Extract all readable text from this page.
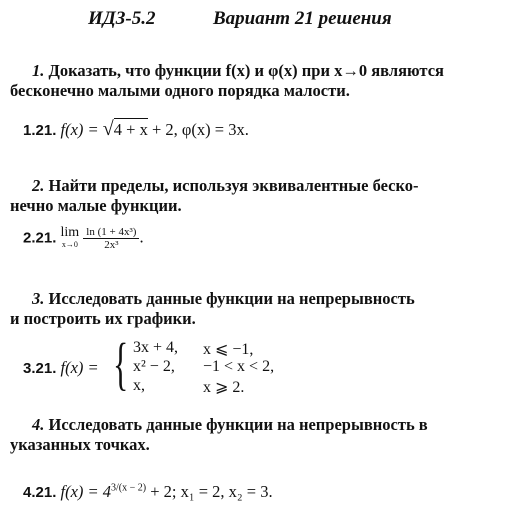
ИДЗ-5.2	Вариант 21 решения
1. Доказать, что функции f(x) и φ(x) при x→0 являются
бесконечно малыми одного порядка малости.
1.21. f(x) = √4 + x + 2, φ(x) = 3x.
2. Найти пределы, используя эквивалентные беско-
нечно малые функции.
2.21. lim
x→0
$\frac{\text{ln (1 + 4x³)}}{\text{2x³}}$ .
3. Исследовать данные функции на непрерывность
и построить их графики.
3.21. f(x) = { 3x + 4, x ⩽ −1,
x² − 2, −1 < x < 2,
x,	x ⩾ 2.
4. Исследовать данные функции на непрерывность в
указанных точках.
4.21. $f(x) = 4^{3/(x - 2)} + 2$; x₁ = 2, x₂ = 3.
